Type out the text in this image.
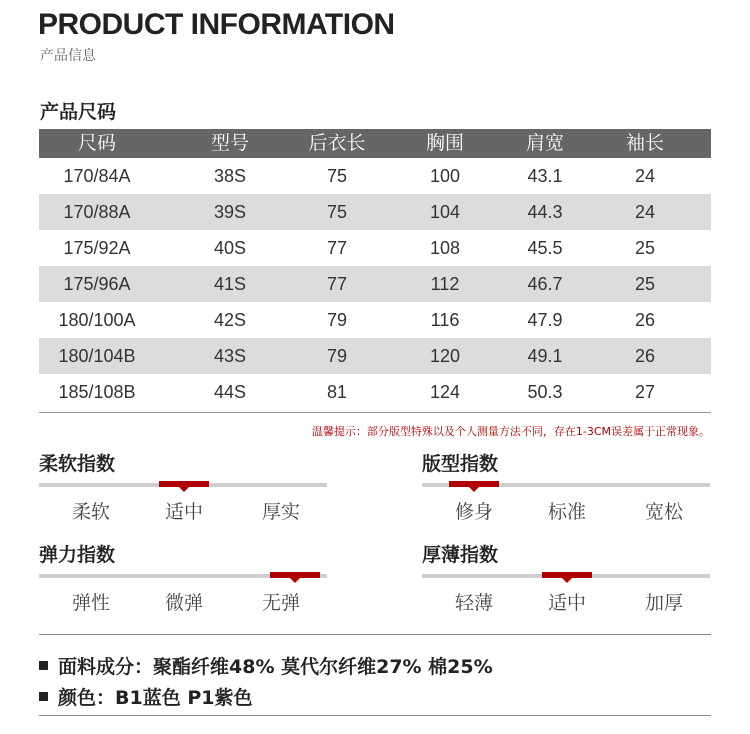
PRODUCT INFORMATION
产品信息
产品尺码
尺码	型号	后衣长	胸围	肩宽	袖长
170/84A	38S	75	100	43.1	24
170/88A	39S	75	104	44.3	24
175/92A	40S	77	108	45.5	25
175/96A	41S	77	112	46.7	25
180/100A	42S	79	116	47.9	26
180/104B	43S	79	120	49.1	26
185/108B	44S	81	124	50.3	27
温馨提示：部分版型特殊以及个人测量方法不同，存在1-3CM误差属于正常现象。
柔软指数
柔软	适中	厚实
版型指数
修身	标准	宽松
弹力指数
弹性	微弹	无弹
厚薄指数
轻薄	适中	加厚
面料成分：聚酯纤维48% 莫代尔纤维27% 棉25%
颜色：B1蓝色 P1紫色
